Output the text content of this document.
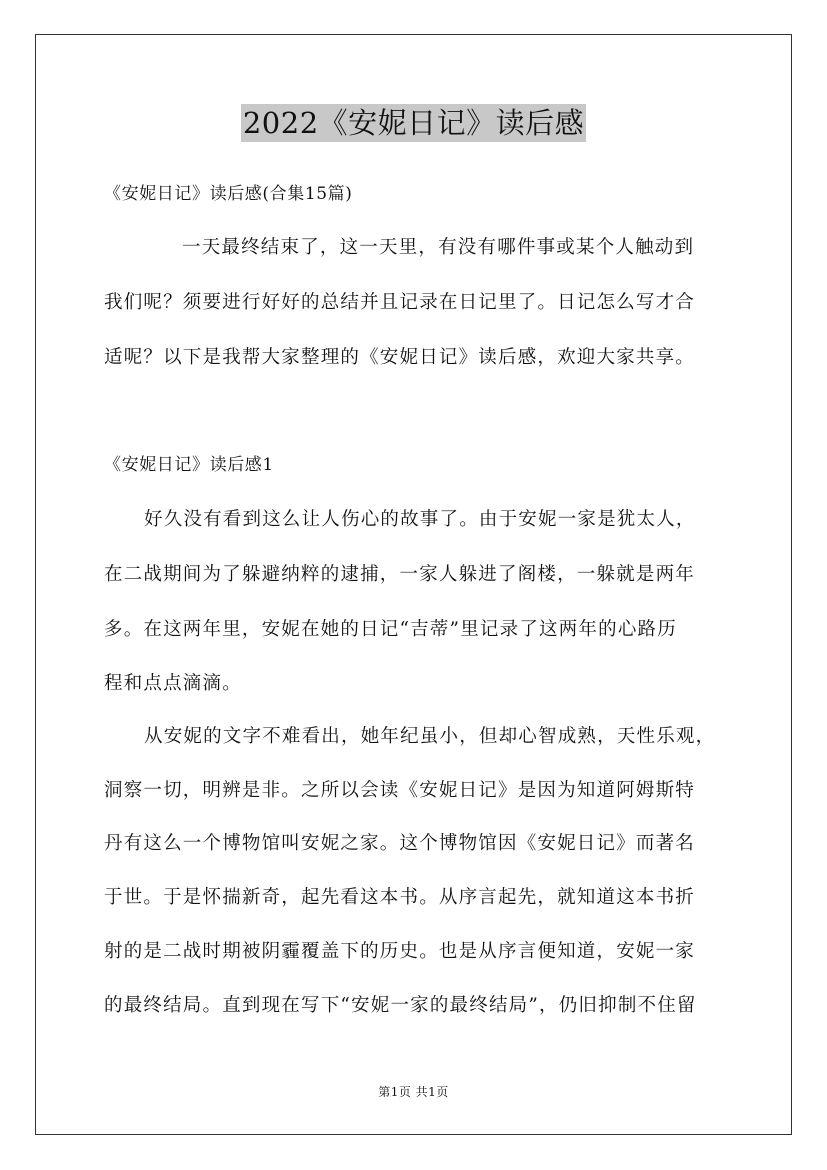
2022《安妮日记》读后感
《安妮日记》读后感(合集15篇)
一天最终结束了，这一天里，有没有哪件事或某个人触动到
我们呢？须要进行好好的总结并且记录在日记里了。日记怎么写才合
适呢？以下是我帮大家整理的《安妮日记》读后感，欢迎大家共享。
《安妮日记》读后感1
好久没有看到这么让人伤心的故事了。由于安妮一家是犹太人，
在二战期间为了躲避纳粹的逮捕，一家人躲进了阁楼，一躲就是两年
多。在这两年里，安妮在她的日记“吉蒂”里记录了这两年的心路历
程和点点滴滴。
从安妮的文字不难看出，她年纪虽小，但却心智成熟，天性乐观，
洞察一切，明辨是非。之所以会读《安妮日记》是因为知道阿姆斯特
丹有这么一个博物馆叫安妮之家。这个博物馆因《安妮日记》而著名
于世。于是怀揣新奇，起先看这本书。从序言起先，就知道这本书折
射的是二战时期被阴霾覆盖下的历史。也是从序言便知道，安妮一家
的最终结局。直到现在写下“安妮一家的最终结局”，仍旧抑制不住留
第1页 共1页
